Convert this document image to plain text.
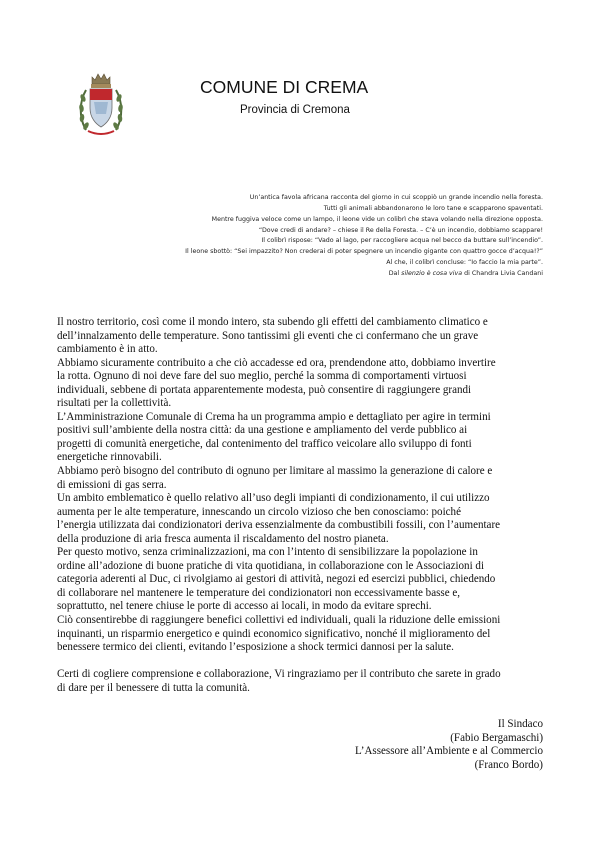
COMUNE DI CREMA
Provincia di Cremona
Un’antica favola africana racconta del giorno in cui scoppiò un grande incendio nella foresta.
Tutti gli animali abbandonarono le loro tane e scapparono spaventati.
Mentre fuggiva veloce come un lampo, il leone vide un colibrì che stava volando nella direzione opposta.
“Dove credi di andare? – chiese il Re della Foresta. – C’è un incendio, dobbiamo scappare!
Il colibrì rispose: “Vado al lago, per raccogliere acqua nel becco da buttare sull’incendio”.
Il leone sbottò: “Sei impazzito? Non crederai di poter spegnere un incendio gigante con quattro gocce d’acqua!?”
Al che, il colibrì concluse: “Io faccio la mia parte”.
Dal silenzio è cosa viva di Chandra Livia Candani
Il nostro territorio, così come il mondo intero, sta subendo gli effetti del cambiamento climatico e
dell’innalzamento delle temperature. Sono tantissimi gli eventi che ci confermano che un grave
cambiamento è in atto.
Abbiamo sicuramente contribuito a che ciò accadesse ed ora, prendendone atto, dobbiamo invertire
la rotta. Ognuno di noi deve fare del suo meglio, perché la somma di comportamenti virtuosi
individuali, sebbene di portata apparentemente modesta, può consentire di raggiungere grandi
risultati per la collettività.
L’Amministrazione Comunale di Crema ha un programma ampio e dettagliato per agire in termini
positivi sull’ambiente della nostra città: da una gestione e ampliamento del verde pubblico ai
progetti di comunità energetiche, dal contenimento del traffico veicolare allo sviluppo di fonti
energetiche rinnovabili.
Abbiamo però bisogno del contributo di ognuno per limitare al massimo la generazione di calore e
di emissioni di gas serra.
Un ambito emblematico è quello relativo all’uso degli impianti di condizionamento, il cui utilizzo
aumenta per le alte temperature, innescando un circolo vizioso che ben conosciamo: poiché
l’energia utilizzata dai condizionatori deriva essenzialmente da combustibili fossili, con l’aumentare
della produzione di aria fresca aumenta il riscaldamento del nostro pianeta.
Per questo motivo, senza criminalizzazioni, ma con l’intento di sensibilizzare la popolazione in
ordine all’adozione di buone pratiche di vita quotidiana, in collaborazione con le Associazioni di
categoria aderenti al Duc, ci rivolgiamo ai gestori di attività, negozi ed esercizi pubblici, chiedendo
di collaborare nel mantenere le temperature dei condizionatori non eccessivamente basse e,
soprattutto, nel tenere chiuse le porte di accesso ai locali, in modo da evitare sprechi.
Ciò consentirebbe di raggiungere benefici collettivi ed individuali, quali la riduzione delle emissioni
inquinanti, un risparmio energetico e quindi economico significativo, nonché il miglioramento del
benessere termico dei clienti, evitando l’esposizione a shock termici dannosi per la salute.
Certi di cogliere comprensione e collaborazione, Vi ringraziamo per il contributo che sarete in grado
di dare per il benessere di tutta la comunità.
Il Sindaco
(Fabio Bergamaschi)
L’Assessore all’Ambiente e al Commercio
(Franco Bordo)
